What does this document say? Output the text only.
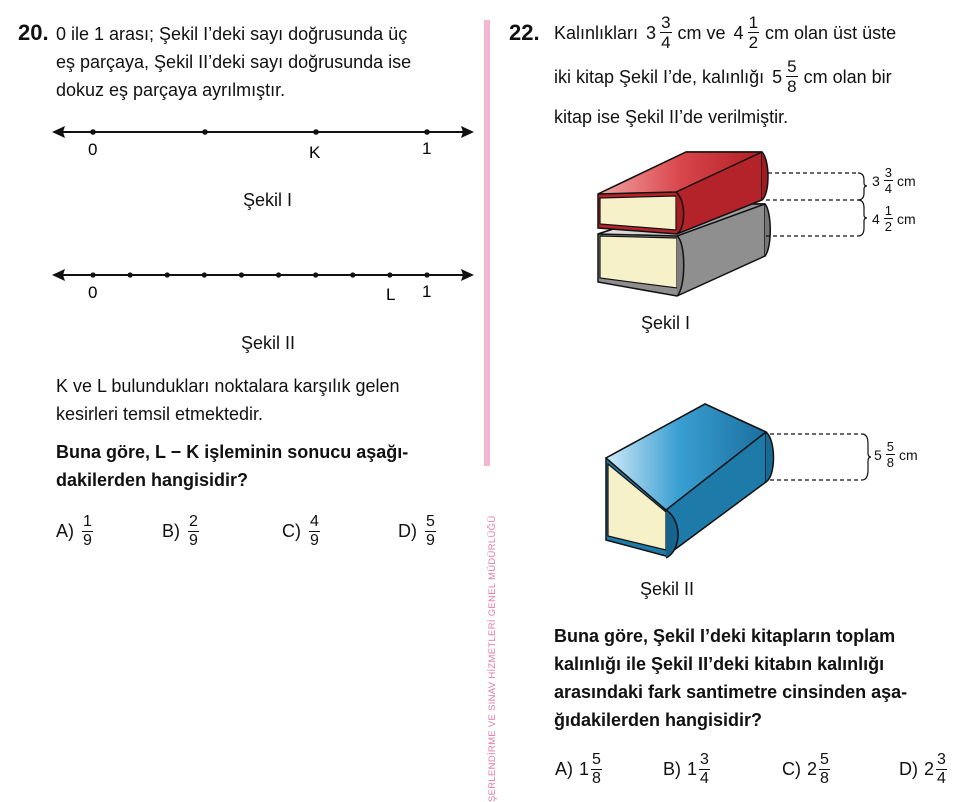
20. 0 ile 1 arası; Şekil I’deki sayı doğrusunda üç
eş parçaya, Şekil II’deki sayı doğrusunda ise
dokuz eş parçaya ayrılmıştır.
0	K	1
Şekil I
0	L 1
Şekil II
K ve L bulundukları noktalara karşılık gelen
kesirleri temsil etmektedir.
Buna göre, L − K işleminin sonucu aşağı-
dakilerden hangisidir?
$A) \frac{1}{9}$	$B) \frac{2}{9}$	$C) \frac{4}{9}$	$D) \frac{5}{9}$	ŞERLENDİRME VE SINAV HİZMETLERİ GENEL MÜDÜRLÜĞÜ
22. Kalınlıkları $3 \frac{3}{4}$ cm ve $4 \frac{1}{2}$ cm olan üst üste
iki kitap Şekil I’de, kalınlığı $5 \frac{5}{8}$ cm olan bir
kitap ise Şekil II’de verilmiştir.
$3 \frac{3}{4}$ cm
$4 \frac{1}{2}$ cm
Şekil I
$5 \frac{5}{8}$ cm
Şekil II
Buna göre, Şekil I’deki kitapların toplam
kalınlığı ile Şekil II’deki kitabın kalınlığı
arasındaki fark santimetre cinsinden aşa-
ğıdakilerden hangisidir?
A) $1 \frac{5}{8}$	B) $1 \frac{3}{4}$	C) $2 \frac{5}{8}$	D) $2 \frac{3}{4}$
